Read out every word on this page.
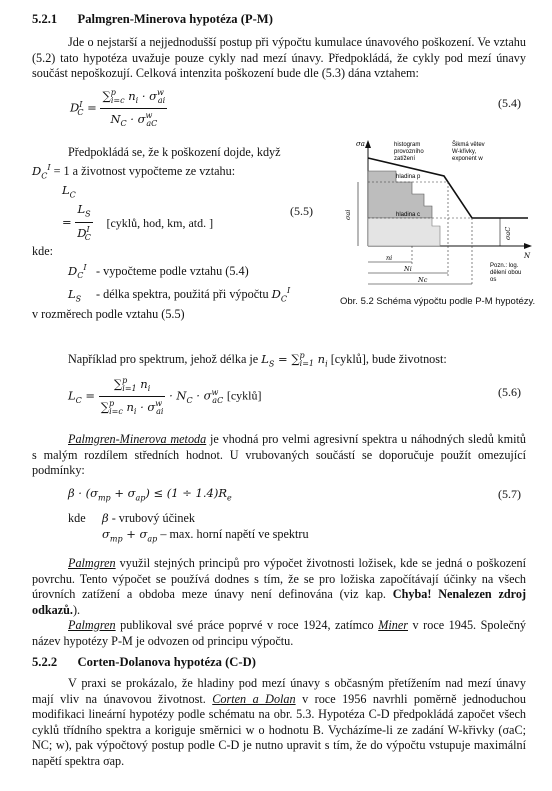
5.2.1 Palmgren-Minerova hypotéza (P-M)
Jde o nejstarší a nejjednodušší postup při výpočtu kumulace únavového poškození. Ve vztahu (5.2) tato hypotéza uvažuje pouze cykly nad mezí únavy. Předpokládá, že cykly pod mezí únavy součást nepoškozují. Celková intenzita poškození bude dle (5.3) dána vztahem:
$D^I_C = \frac{\sum^p_{i=c} n_i \cdot \sigma^w_{ai}}{N_C \cdot \sigma^w_{aC}}$	(5.4)
Předpokládá se, že k poškození dojde, když
$D_C^I = 1$ a životnost vypočteme ze vztahu:
$L_C$
= $\frac{L_S}{D^I_C}$ [cyklů, hod, km, atd. ]
(5.5)
kde:
$D_C^I$ - vypočteme podle vztahu (5.4)
$L_S$ - délka spektra, použitá při výpočtu $D_C^I$
v rozměrech podle vztahu (5.5)
histogram
provozního
zatížení
hladina p
Šikmá větev
W-křivky,
exponent w
hladina c
σa
σai
σaC
ni
Ni
Nc
N
Pozn.: log.
dělení obou
os
Obr. 5.2 Schéma výpočtu podle P-M hypotézy.
Například pro spektrum, jehož délka je $L_S = \sum^p_{i=1}$ $n_i$ [cyklů], bude životnost:
$L_C = \frac{\sum^p_{i=1} n_i}{\sum^p_{i=c} n_i \cdot \sigma^w_{ai}} \cdot N_C \cdot \sigma^w_{aC}$ [cyklů]	(5.6)
Palmgren-Minerova metoda je vhodná pro velmi agresivní spektra u náhodných sledů kmitů s malým rozdílem středních hodnot. U vrubovaných součástí se doporučuje použít omezující podmínky:
$\beta \cdot (\sigma_{mp} + \sigma_{ap}) \le (1 \div 1.4)R_e$	(5.7)
kde β - vrubový účinek
$\sigma_{mp} + \sigma_{ap} - \max$. horní napětí ve spektru
Palmgren využil stejných principů pro výpočet životnosti ložisek, kde se jedná o poškození povrchu. Tento výpočet se používá dodnes s tím, že se pro ložiska započítávají účinky na všech úrovních zatížení a obdoba meze únavy není definována (viz kap. Chyba! Nenalezen zdroj odkazů.).
Palmgren publikoval své práce poprvé v roce 1924, zatímco Miner v roce 1945. Společný název hypotézy P-M je odvozen od principu výpočtu.
5.2.2 Corten-Dolanova hypotéza (C-D)
V praxi se prokázalo, že hladiny pod mezí únavy s občasným přetížením nad mezí únavy mají vliv na únavovou životnost. Corten a Dolan v roce 1956 navrhli poměrně jednoduchou modifikaci lineární hypotézy podle schématu na obr. 5.3. Hypotéza C-D předpokládá započet všech cyklů třídního spektra a koriguje směrnici w o hodnotu B. Vycházíme-li ze zadání W-křivky (σaC; NC; w), pak výpočtový postup podle C-D je nutno upravit s tím, že do výpočtu vstupuje maximální napětí spektra σap.
